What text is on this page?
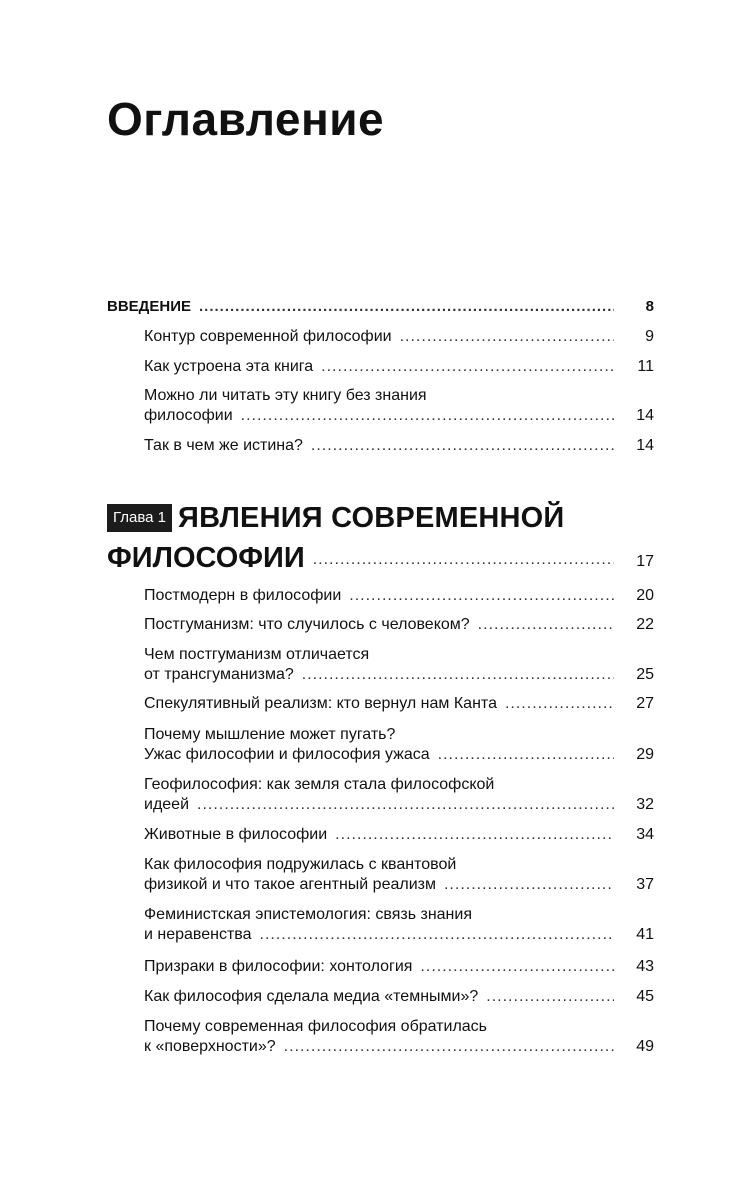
Оглавление
ВВЕДЕНИЕ .....	8
Контур современной философии .....	9
Как устроена эта книга .....	11
Можно ли читать эту книгу без знания
философии .....	14
Так в чем же истина? .....	14
Глава 1 ЯВЛЕНИЯ СОВРЕМЕННОЙ
ФИЛОСОФИИ .....	17
Постмодерн в философии .....	20
Постгуманизм: что случилось с человеком? .....	22
Чем постгуманизм отличается
от трансгуманизма? .....	25
Спекулятивный реализм: кто вернул нам Канта .....	27
Почему мышление может пугать?
Ужас философии и философия ужаса .....	29
Геофилософия: как земля стала философской
идеей .....	32
Животные в философии .....	34
Как философия подружилась с квантовой
физикой и что такое агентный реализм .....	37
Феминистская эпистемология: связь знания
и неравенства .....	41
Призраки в философии: хонтология .....	43
Как философия сделала медиа «темными»? .....	45
Почему современная философия обратилась
к «поверхности»? .....	49
